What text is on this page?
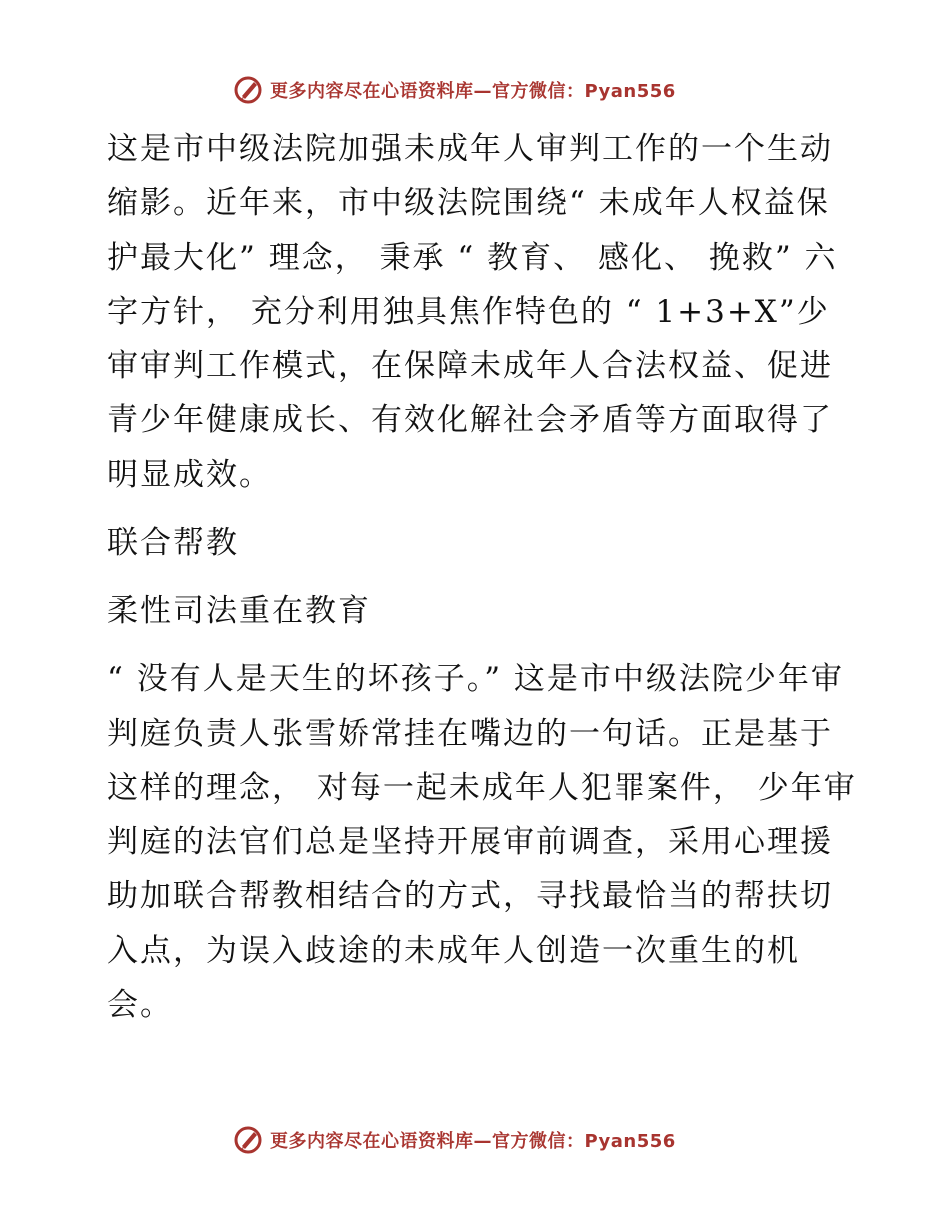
更多内容尽在心语资料库—官方微信：Pyan556

这是市中级法院加强未成年人审判工作的一个生动缩影。近年来，市中级法院围绕“ 未成年人权益保护最大化” 理念， 秉承 “ 教育、 感化、 挽救” 六字方针， 充分利用独具焦作特色的 “ 1+3+X”少审审判工作模式，在保障未成年人合法权益、促进青少年健康成长、有效化解社会矛盾等方面取得了明显成效。

联合帮教

柔性司法重在教育

“ 没有人是天生的坏孩子。” 这是市中级法院少年审判庭负责人张雪娇常挂在嘴边的一句话。正是基于这样的理念， 对每一起未成年人犯罪案件， 少年审判庭的法官们总是坚持开展审前调查，采用心理援助加联合帮教相结合的方式，寻找最恰当的帮扶切入点，为误入歧途的未成年人创造一次重生的机会。

更多内容尽在心语资料库—官方微信：Pyan556
